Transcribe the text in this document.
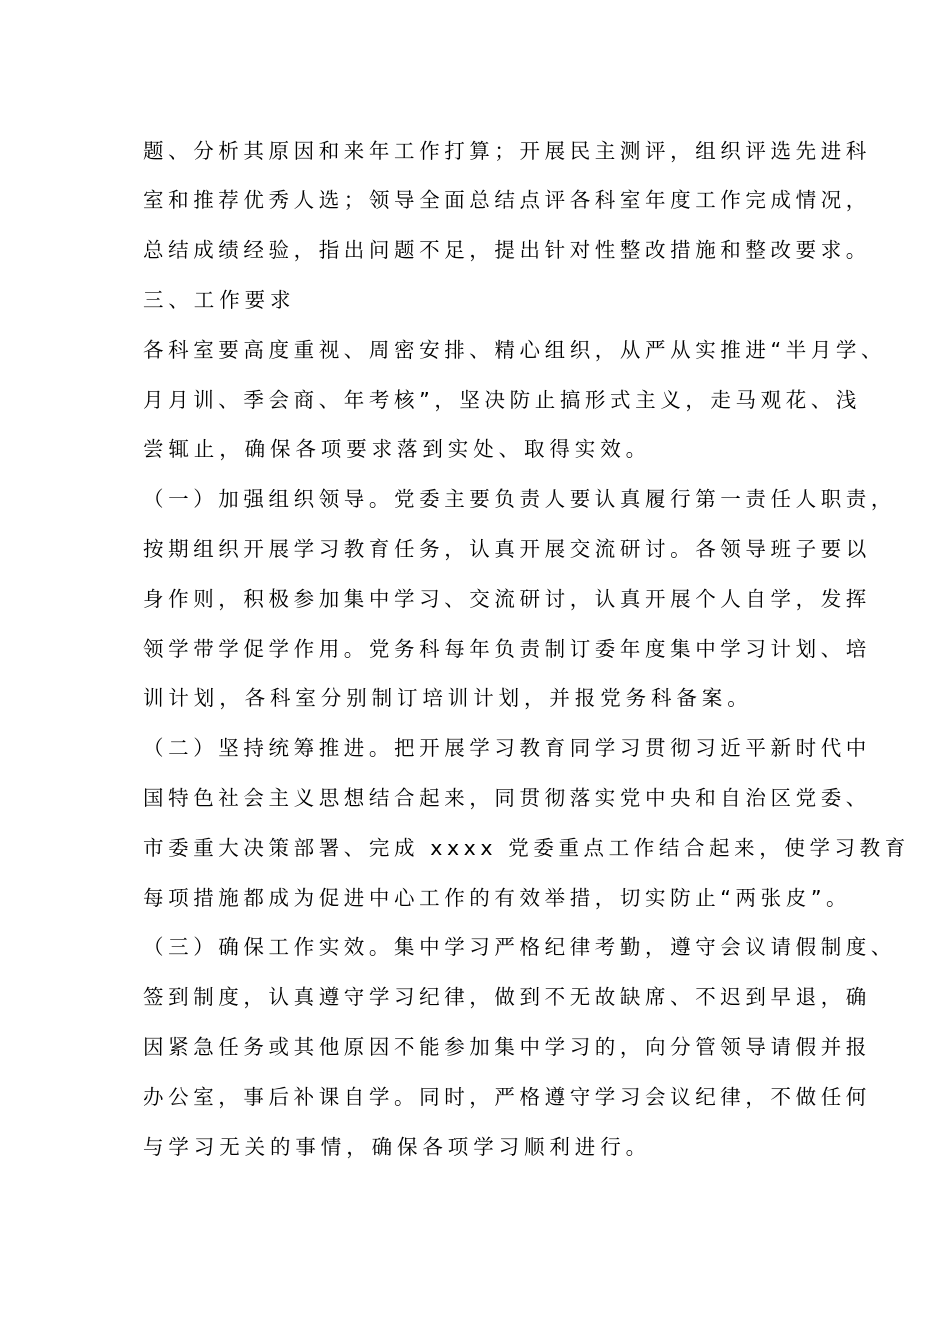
题、分析其原因和来年工作打算；开展民主测评，组织评选先进科
室和推荐优秀人选；领导全面总结点评各科室年度工作完成情况，
总结成绩经验，指出问题不足，提出针对性整改措施和整改要求。
三、工作要求
各科室要高度重视、周密安排、精心组织，从严从实推进“半月学、
月月训、季会商、年考核”，坚决防止搞形式主义，走马观花、浅
尝辄止，确保各项要求落到实处、取得实效。
（一）加强组织领导。党委主要负责人要认真履行第一责任人职责，
按期组织开展学习教育任务，认真开展交流研讨。各领导班子要以
身作则，积极参加集中学习、交流研讨，认真开展个人自学，发挥
领学带学促学作用。党务科每年负责制订委年度集中学习计划、培
训计划，各科室分别制订培训计划，并报党务科备案。
（二）坚持统筹推进。把开展学习教育同学习贯彻习近平新时代中
国特色社会主义思想结合起来，同贯彻落实党中央和自治区党委、
市委重大决策部署、完成 xxxx 党委重点工作结合起来，使学习教育
每项措施都成为促进中心工作的有效举措，切实防止“两张皮”。
（三）确保工作实效。集中学习严格纪律考勤，遵守会议请假制度、
签到制度，认真遵守学习纪律，做到不无故缺席、不迟到早退，确
因紧急任务或其他原因不能参加集中学习的，向分管领导请假并报
办公室，事后补课自学。同时，严格遵守学习会议纪律，不做任何
与学习无关的事情，确保各项学习顺利进行。
